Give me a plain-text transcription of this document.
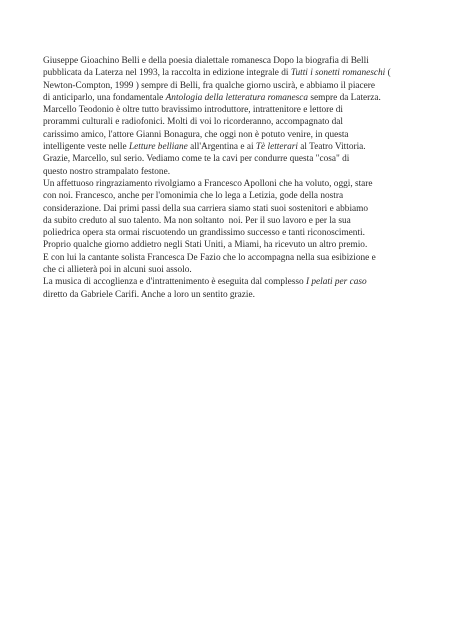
Giuseppe Gioachino Belli e della poesia dialettale romanesca Dopo la biografia di Belli
pubblicata da Laterza nel 1993, la raccolta in edizione integrale di Tutti i sonetti romaneschi (
Newton-Compton, 1999 ) sempre di Belli, fra qualche giorno uscirà, e abbiamo il piacere
di anticiparlo, una fondamentale Antologia della letteratura romanesca sempre da Laterza.
Marcello Teodonio è oltre tutto bravissimo introduttore, intrattenitore e lettore di
prorammi culturali e radiofonici. Molti di voi lo ricorderanno, accompagnato dal
carissimo amico, l'attore Gianni Bonagura, che oggi non è potuto venire, in questa
intelligente veste nelle Letture belliane all'Argentina e ai Tè letterari al Teatro Vittoria.
Grazie, Marcello, sul serio. Vediamo come te la cavi per condurre questa "cosa" di
questo nostro strampalato festone.
Un affettuoso ringraziamento rivolgiamo a Francesco Apolloni che ha voluto, oggi, stare
con noi. Francesco, anche per l'omonimia che lo lega a Letizia, gode della nostra
considerazione. Dai primi passi della sua carriera siamo stati suoi sostenitori e abbiamo
da subito creduto al suo talento. Ma non soltanto  noi. Per il suo lavoro e per la sua
poliedrica opera sta ormai riscuotendo un grandissimo successo e tanti riconoscimenti.
Proprio qualche giorno addietro negli Stati Uniti, a Miami, ha ricevuto un altro premio.
E con lui la cantante solista Francesca De Fazio che lo accompagna nella sua esibizione e
che ci allieterà poi in alcuni suoi assolo.
La musica di accoglienza e d'intrattenimento è eseguita dal complesso I pelati per caso
diretto da Gabriele Carifi. Anche a loro un sentito grazie.
